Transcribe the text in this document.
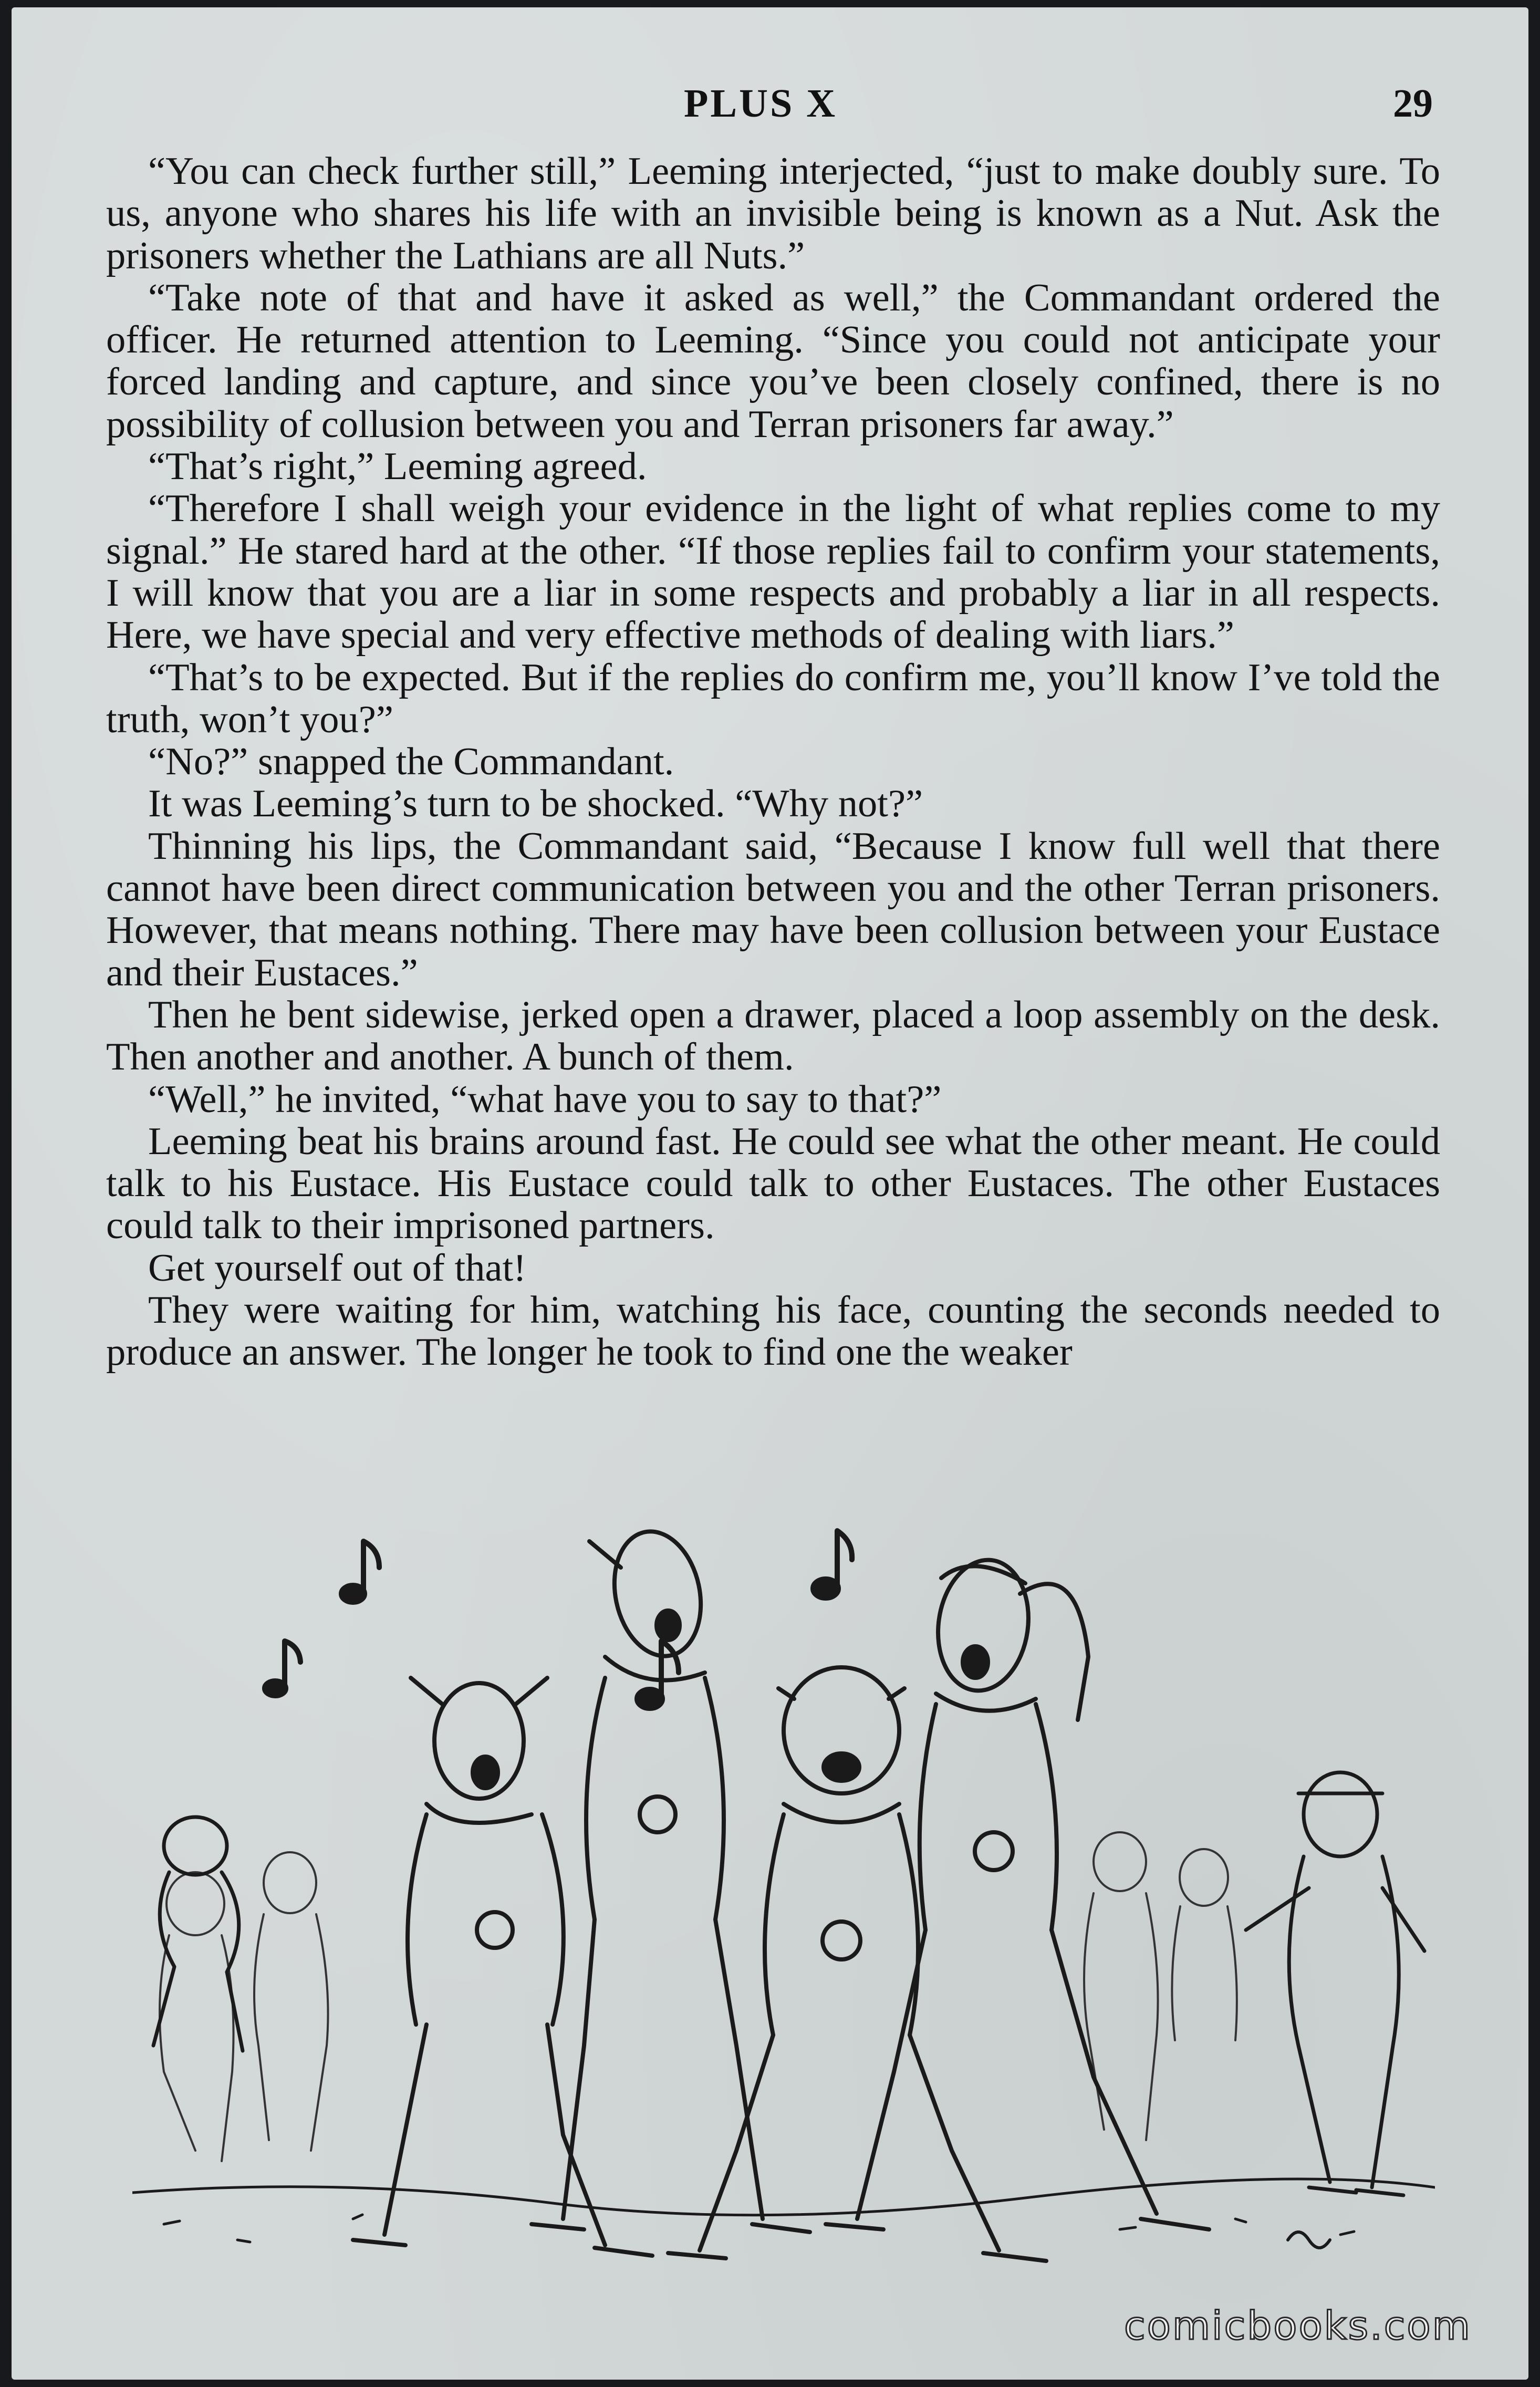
PLUS X	29

“You can check further still,” Leeming interjected, “just to make doubly sure. To us, anyone who shares his life with an invisible being is known as a Nut. Ask the prisoners whether the Lathians are all Nuts.”

“Take note of that and have it asked as well,” the Commandant ordered the officer. He returned attention to Leeming. “Since you could not anticipate your forced landing and capture, and since you’ve been closely confined, there is no possibility of collusion between you and Terran prisoners far away.”

“That’s right,” Leeming agreed.

“Therefore I shall weigh your evidence in the light of what replies come to my signal.” He stared hard at the other. “If those replies fail to confirm your statements, I will know that you are a liar in some respects and probably a liar in all respects. Here, we have special and very effective methods of dealing with liars.”

“That’s to be expected. But if the replies do confirm me, you’ll know I’ve told the truth, won’t you?”

“No?” snapped the Commandant.

It was Leeming’s turn to be shocked. “Why not?”

Thinning his lips, the Commandant said, “Because I know full well that there cannot have been direct communication between you and the other Terran prisoners. However, that means nothing. There may have been collusion between your Eustace and their Eustaces.”

Then he bent sidewise, jerked open a drawer, placed a loop assembly on the desk. Then another and another. A bunch of them.

“Well,” he invited, “what have you to say to that?”

Leeming beat his brains around fast. He could see what the other meant. He could talk to his Eustace. His Eustace could talk to other Eustaces. The other Eustaces could talk to their imprisoned partners.

Get yourself out of that!

They were waiting for him, watching his face, counting the seconds needed to produce an answer. The longer he took to find one the weaker

comicbooks.com
